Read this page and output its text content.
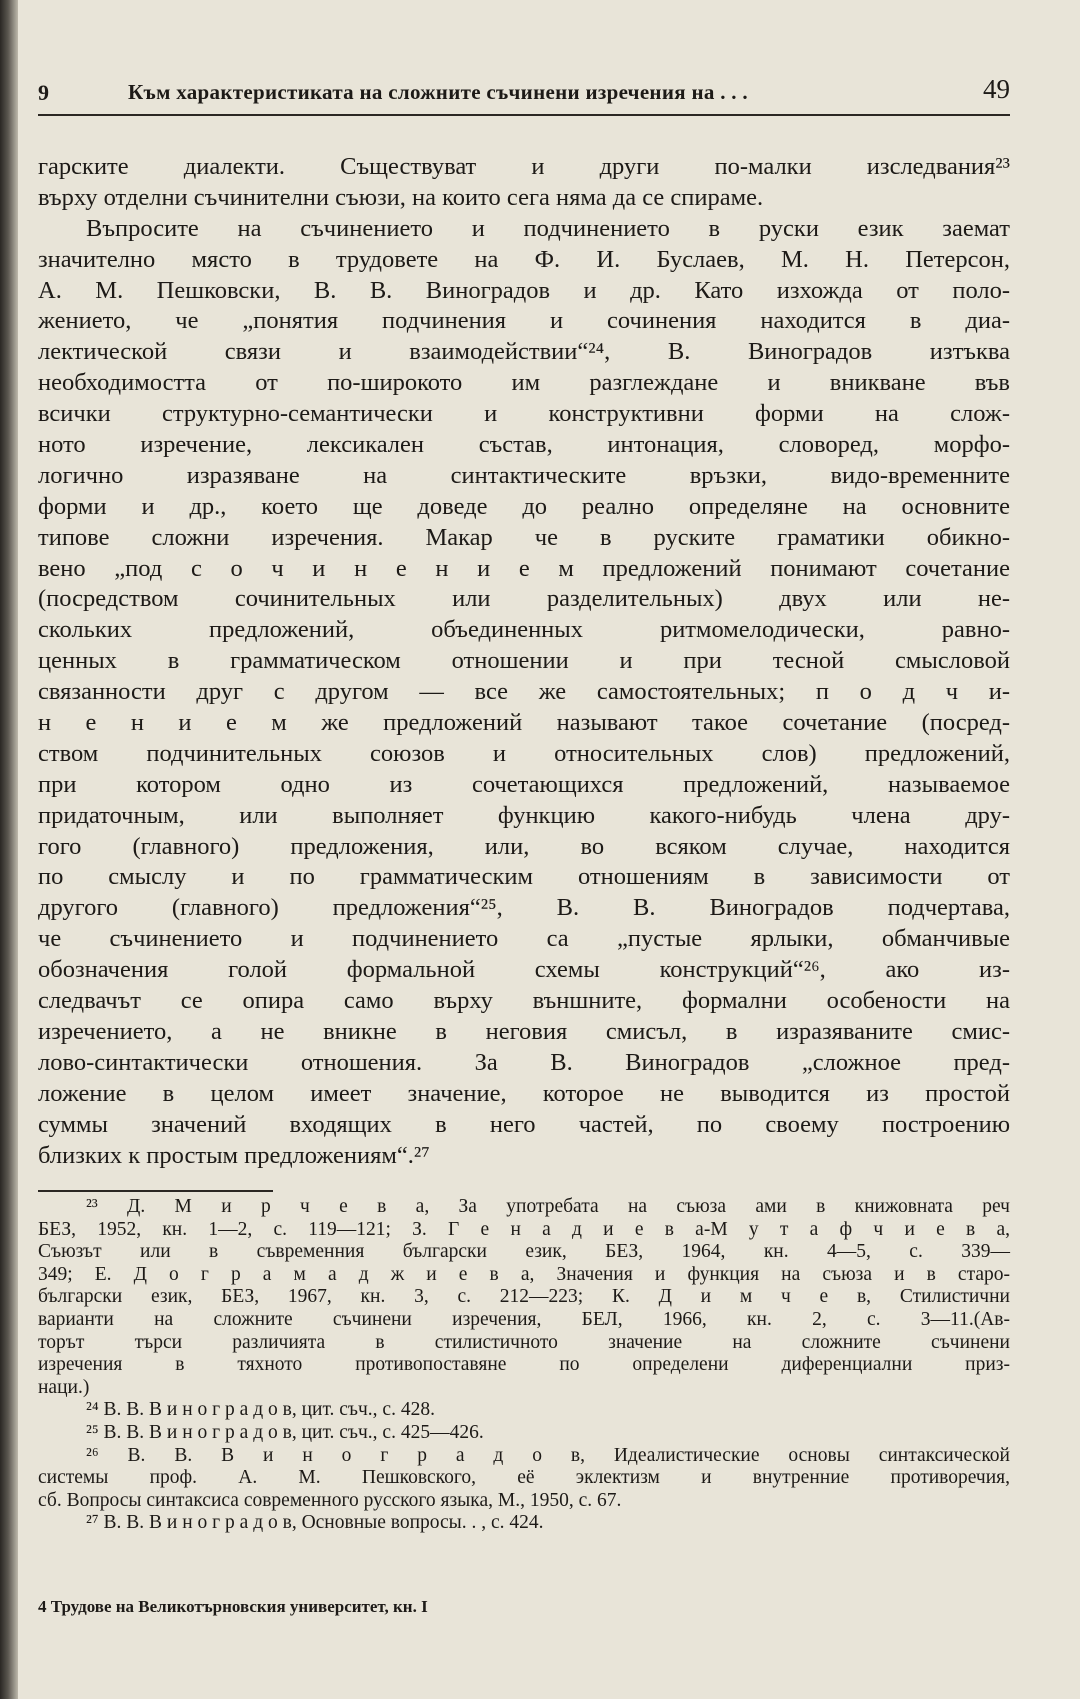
9	Към характеристиката на сложните съчинени изречения на . . .	49
гарските диалекти. Съществуват и други по-малки изследвания²³
върху отделни съчинителни съюзи, на които сега няма да се спираме.
Въпросите на съчинението и подчинението в руски език заемат
значително място в трудовете на Ф. И. Буслаев, М. Н. Петерсон,
А. М. Пешковски, В. В. Виноградов и др. Като изхожда от поло-
жението, че „понятия подчинения и сочинения находится в диа-
лектической связи и взаимодействии“²⁴, В. Виноградов изтъква
необходимостта от по-широкото им разглеждане и вникване във
всички структурно-семантически и конструктивни форми на слож-
ното изречение, лексикален състав, интонация, словоред, морфо-
логично изразяване на синтактическите връзки, видо-временните
форми и др., което ще доведе до реално определяне на основните
типове сложни изречения. Макар че в руските граматики обикно-
вено „под с о ч и н е н и е м предложений понимают сочетание
(посредством сочинительных или разделительных) двух или не-
скольких предложений, объединенных ритмомелодически, равно-
ценных в грамматическом отношении и при тесной смысловой
связанности друг с другом — все же самостоятельных; п о д ч и-
н е н и е м же предложений называют такое сочетание (посред-
ством подчинительных союзов и относительных слов) предложений,
при котором одно из сочетающихся предложений, называемое
придаточным, или выполняет функцию какого-нибудь члена дру-
гого (главного) предложения, или, во всяком случае, находится
по смыслу и по грамматическим отношениям в зависимости от
другого (главного) предложения“²⁵, В. В. Виноградов подчертава,
че съчинението и подчинението са „пустые ярлыки, обманчивые
обозначения голой формальной схемы конструкций“²⁶, ако из-
следвачът се опира само върху външните, формални особености на
изречението, а не вникне в неговия смисъл, в изразяваните смис-
лово-синтактически отношения. За В. Виноградов „сложное пред-
ложение в целом имеет значение, которое не выводится из простой
суммы значений входящих в него частей, по своему построению
близких к простым предложениям“.²⁷
²³ Д. М и р ч е в а, За употребата на съюза ами в книжовната реч
БЕЗ, 1952, кн. 1—2, с. 119—121; З. Г е н а д и е в а-М у т а ф ч и е в а,
Съюзът или в съвременния български език, БЕЗ, 1964, кн. 4—5, с. 339—
349; Е. Д о г р а м а д ж и е в а, Значения и функция на съюза и в старо-
български език, БЕЗ, 1967, кн. 3, с. 212—223; К. Д и м ч е в, Стилистични
варианти на сложните съчинени изречения, БЕЛ, 1966, кн. 2, с. 3—11.(Ав-
торът търси различията в стилистичното значение на сложните съчинени
изречения в тяхното противопоставяне по определени диференциални приз-
наци.)
²⁴ В. В. В и н о г р а д о в, цит. съч., с. 428.
²⁵ В. В. В и н о г р а д о в, цит. съч., с. 425—426.
²⁶ В. В. В и н о г р а д о в, Идеалистические основы синтаксической
системы проф. А. М. Пешковского, её эклектизм и внутренние противоречия,
сб. Вопросы синтаксиса современного русского языка, М., 1950, с. 67.
²⁷ В. В. В и н о г р а д о в, Основные вопросы. . , с. 424.
4 Трудове на Великотърновския университет, кн. I
